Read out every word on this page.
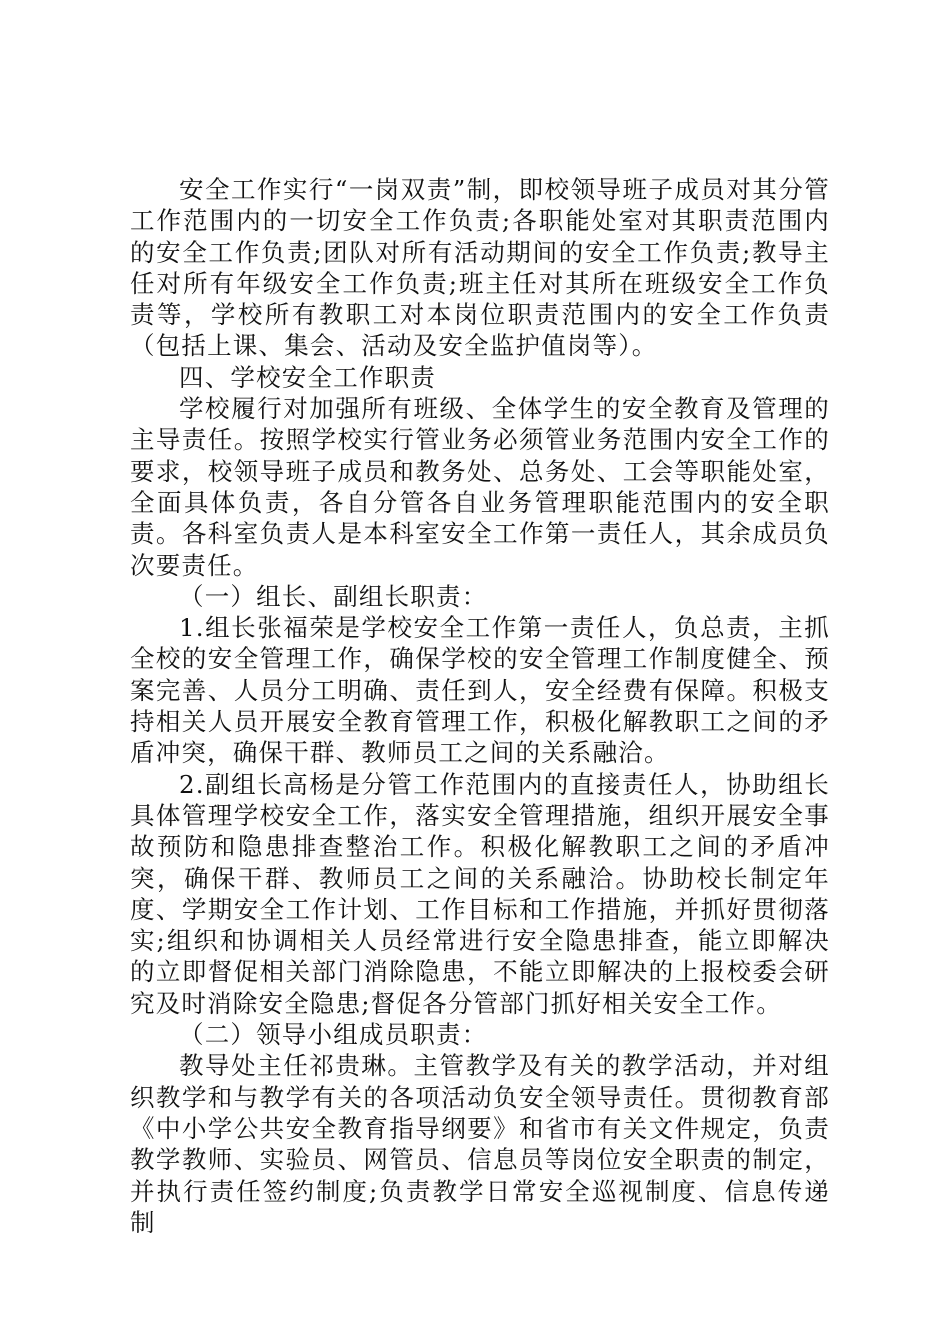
安全工作实行“一岗双责”制，即校领导班子成员对其分管工作范围内的一切安全工作负责;各职能处室对其职责范围内的安全工作负责;团队对所有活动期间的安全工作负责;教导主任对所有年级安全工作负责;班主任对其所在班级安全工作负责等，学校所有教职工对本岗位职责范围内的安全工作负责（包括上课、集会、活动及安全监护值岗等）。

四、学校安全工作职责

学校履行对加强所有班级、全体学生的安全教育及管理的主导责任。按照学校实行管业务必须管业务范围内安全工作的要求，校领导班子成员和教务处、总务处、工会等职能处室，全面具体负责，各自分管各自业务管理职能范围内的安全职责。各科室负责人是本科室安全工作第一责任人，其余成员负次要责任。

（一）组长、副组长职责：

1.组长张福荣是学校安全工作第一责任人，负总责，主抓全校的安全管理工作，确保学校的安全管理工作制度健全、预案完善、人员分工明确、责任到人，安全经费有保障。积极支持相关人员开展安全教育管理工作，积极化解教职工之间的矛盾冲突，确保干群、教师员工之间的关系融洽。

2.副组长高杨是分管工作范围内的直接责任人，协助组长具体管理学校安全工作，落实安全管理措施，组织开展安全事故预防和隐患排查整治工作。积极化解教职工之间的矛盾冲突，确保干群、教师员工之间的关系融洽。协助校长制定年度、学期安全工作计划、工作目标和工作措施，并抓好贯彻落实;组织和协调相关人员经常进行安全隐患排查，能立即解决的立即督促相关部门消除隐患，不能立即解决的上报校委会研究及时消除安全隐患;督促各分管部门抓好相关安全工作。

（二）领导小组成员职责：

教导处主任祁贵琳。主管教学及有关的教学活动，并对组织教学和与教学有关的各项活动负安全领导责任。贯彻教育部《中小学公共安全教育指导纲要》和省市有关文件规定，负责教学教师、实验员、网管员、信息员等岗位安全职责的制定，并执行责任签约制度;负责教学日常安全巡视制度、信息传递制
